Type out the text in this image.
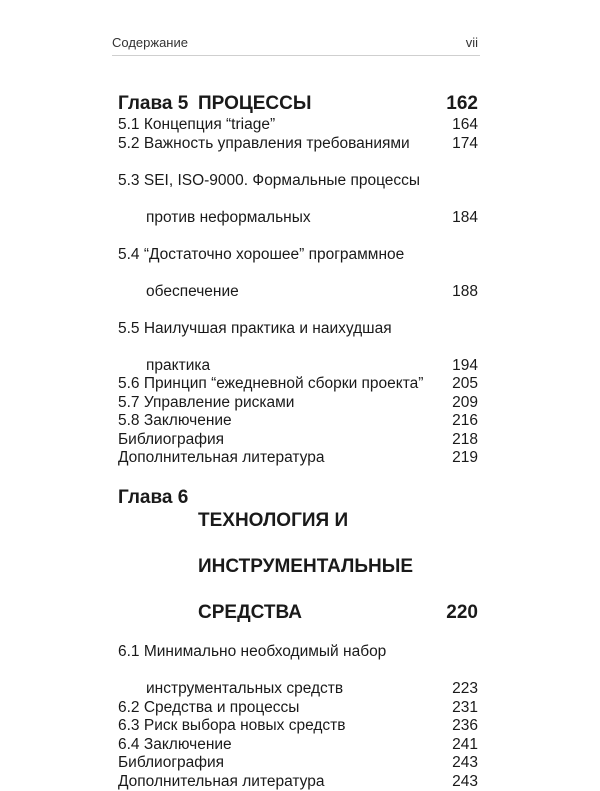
Содержание	vii
Глава 5 ПРОЦЕССЫ	162
5.1 Концепция “triage”	164
5.2 Важность управления требованиями	174

5.3 SEI, ISO-9000. Формальные процессы

против неформальных	184

5.4 “Достаточно хорошее” программное

обеспечение	188

5.5 Наилучшая практика и наихудшая

практика	194
5.6 Принцип “ежедневной сборки проекта”	205
5.7 Управление рисками	209
5.8 Заключение	216
Библиография	218
Дополнительная литература	219
Глава 6

ТЕХНОЛОГИЯ И

ИНСТРУМЕНТАЛЬНЫЕ

СРЕДСТВА	220

6.1 Минимально необходимый набор

инструментальных средств	223
6.2 Средства и процессы	231
6.3 Риск выбора новых средств	236
6.4 Заключение	241
Библиография	243
Дополнительная литература	243
